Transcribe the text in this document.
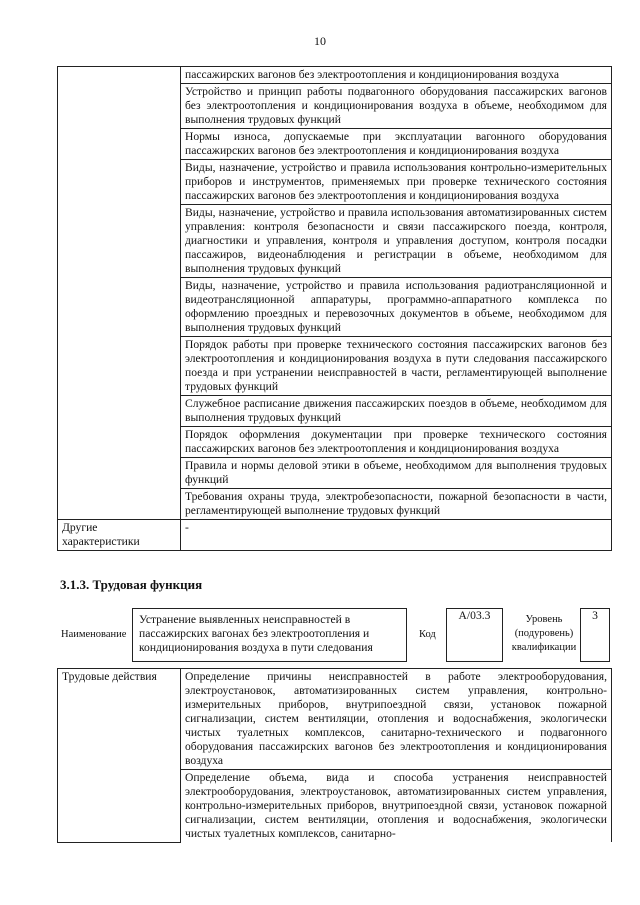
10
	пассажирских вагонов без электроотопления и кондиционирования воздуха
	Устройство и принцип работы подвагонного оборудования пассажирских вагонов без электроотопления и кондиционирования воздуха в объеме, необходимом для выполнения трудовых функций
	Нормы износа, допускаемые при эксплуатации вагонного оборудования пассажирских вагонов без электроотопления и кондиционирования воздуха
	Виды, назначение, устройство и правила использования контрольно-измерительных приборов и инструментов, применяемых при проверке технического состояния пассажирских вагонов без электроотопления и кондиционирования воздуха
	Виды, назначение, устройство и правила использования автоматизированных систем управления: контроля безопасности и связи пассажирского поезда, контроля, диагностики и управления, контроля и управления доступом, контроля посадки пассажиров, видеонаблюдения и регистрации в объеме, необходимом для выполнения трудовых функций
	Виды, назначение, устройство и правила использования радиотрансляционной и видеотрансляционной аппаратуры, программно-аппаратного комплекса по оформлению проездных и перевозочных документов в объеме, необходимом для выполнения трудовых функций
	Порядок работы при проверке технического состояния пассажирских вагонов без электроотопления и кондиционирования воздуха в пути следования пассажирского поезда и при устранении неисправностей в части, регламентирующей выполнение трудовых функций
	Служебное расписание движения пассажирских поездов в объеме, необходимом для выполнения трудовых функций
	Порядок оформления документации при проверке технического состояния пассажирских вагонов без электроотопления и кондиционирования воздуха
	Правила и нормы деловой этики в объеме, необходимом для выполнения трудовых функций
	Требования охраны труда, электробезопасности, пожарной безопасности в части, регламентирующей выполнение трудовых функций
Другие характеристики	-
3.1.3. Трудовая функция
Наименование
Устранение выявленных неисправностей в пассажирских вагонах без электроотопления и кондиционирования воздуха в пути следования
Код
А/03.3	Уровень (подуровень) квалификации
3
Трудовые действия	Определение причины неисправностей в работе электрооборудования, электроустановок, автоматизированных систем управления, контрольно-измерительных приборов, внутрипоездной связи, установок пожарной сигнализации, систем вентиляции, отопления и водоснабжения, экологически чистых туалетных комплексов, санитарно-технического и подвагонного оборудования пассажирских вагонов без электроотопления и кондиционирования воздуха
Определение объема, вида и способа устранения неисправностей электрооборудования, электроустановок, автоматизированных систем управления, контрольно-измерительных приборов, внутрипоездной связи, установок пожарной сигнализации, систем вентиляции, отопления и водоснабжения, экологически чистых туалетных комплексов, санитарно-
